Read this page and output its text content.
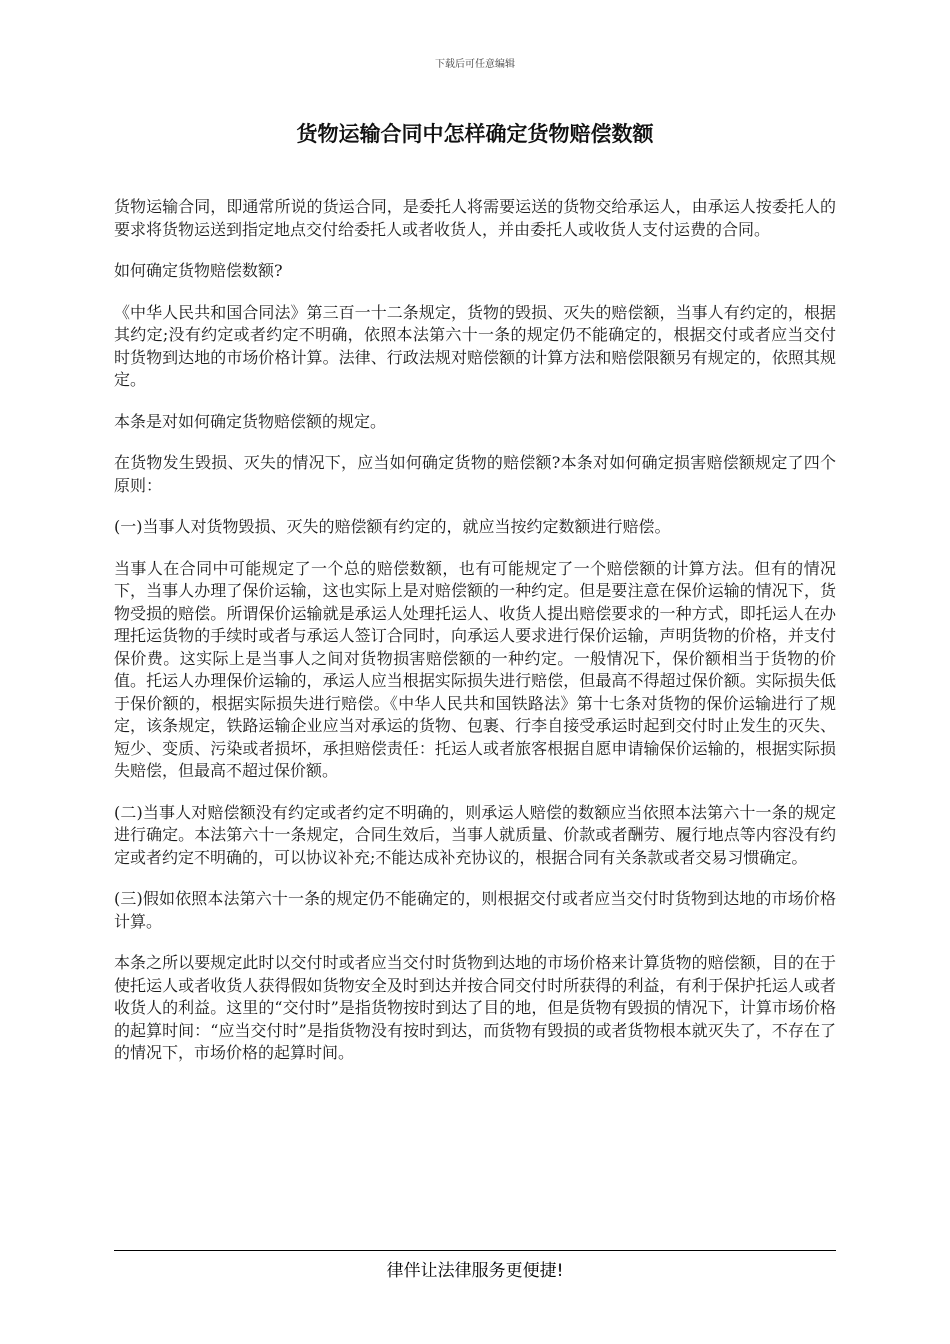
下载后可任意编辑
货物运输合同中怎样确定货物赔偿数额

货物运输合同，即通常所说的货运合同，是委托人将需要运送的货物交给承运人，由承运人按委托人的要求将货物运送到指定地点交付给委托人或者收货人，并由委托人或收货人支付运费的合同。

如何确定货物赔偿数额?

《中华人民共和国合同法》第三百一十二条规定，货物的毁损、灭失的赔偿额，当事人有约定的，根据其约定;没有约定或者约定不明确，依照本法第六十一条的规定仍不能确定的，根据交付或者应当交付时货物到达地的市场价格计算。法律、行政法规对赔偿额的计算方法和赔偿限额另有规定的，依照其规定。

本条是对如何确定货物赔偿额的规定。

在货物发生毁损、灭失的情况下，应当如何确定货物的赔偿额?本条对如何确定损害赔偿额规定了四个原则：

(一)当事人对货物毁损、灭失的赔偿额有约定的，就应当按约定数额进行赔偿。

当事人在合同中可能规定了一个总的赔偿数额，也有可能规定了一个赔偿额的计算方法。但有的情况下，当事人办理了保价运输，这也实际上是对赔偿额的一种约定。但是要注意在保价运输的情况下，货物受损的赔偿。所谓保价运输就是承运人处理托运人、收货人提出赔偿要求的一种方式，即托运人在办理托运货物的手续时或者与承运人签订合同时，向承运人要求进行保价运输，声明货物的价格，并支付保价费。这实际上是当事人之间对货物损害赔偿额的一种约定。一般情况下，保价额相当于货物的价值。托运人办理保价运输的，承运人应当根据实际损失进行赔偿，但最高不得超过保价额。实际损失低于保价额的，根据实际损失进行赔偿。《中华人民共和国铁路法》第十七条对货物的保价运输进行了规定，该条规定，铁路运输企业应当对承运的货物、包裹、行李自接受承运时起到交付时止发生的灭失、短少、变质、污染或者损坏，承担赔偿责任：托运人或者旅客根据自愿申请输保价运输的，根据实际损失赔偿，但最高不超过保价额。

(二)当事人对赔偿额没有约定或者约定不明确的，则承运人赔偿的数额应当依照本法第六十一条的规定进行确定。本法第六十一条规定，合同生效后，当事人就质量、价款或者酬劳、履行地点等内容没有约定或者约定不明确的，可以协议补充;不能达成补充协议的，根据合同有关条款或者交易习惯确定。

(三)假如依照本法第六十一条的规定仍不能确定的，则根据交付或者应当交付时货物到达地的市场价格计算。

本条之所以要规定此时以交付时或者应当交付时货物到达地的市场价格来计算货物的赔偿额，目的在于使托运人或者收货人获得假如货物安全及时到达并按合同交付时所获得的利益，有利于保护托运人或者收货人的利益。这里的“交付时”是指货物按时到达了目的地，但是货物有毁损的情况下，计算市场价格的起算时间：“应当交付时”是指货物没有按时到达，而货物有毁损的或者货物根本就灭失了，不存在了的情况下，市场价格的起算时间。

律伴让法律服务更便捷!
